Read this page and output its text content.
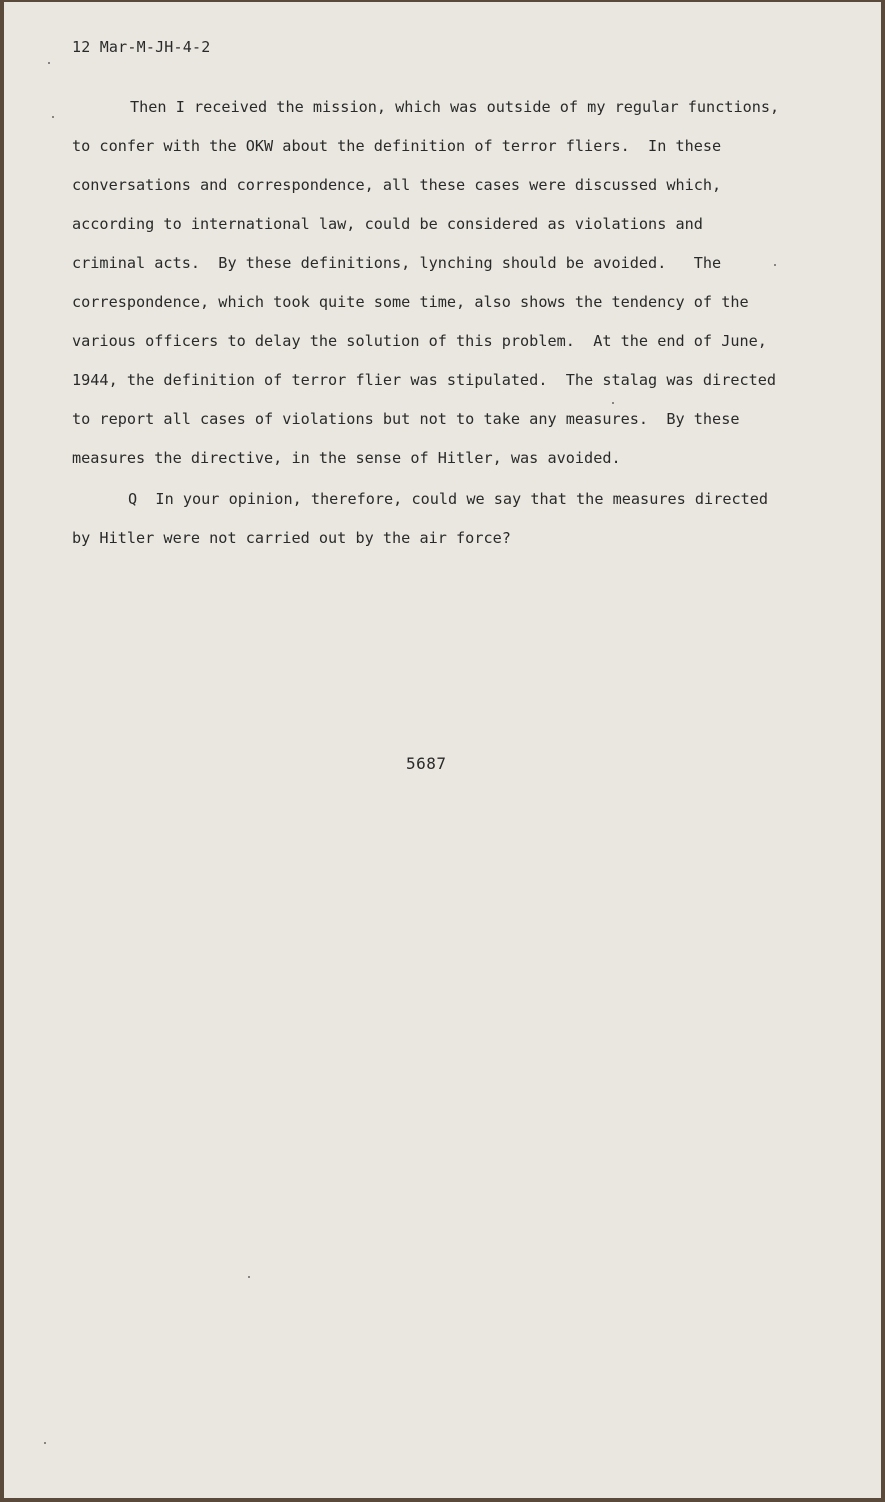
12 Mar-M-JH-4-2
Then I received the mission, which was outside of my regular functions,
to confer with the OKW about the definition of terror fliers.  In these
conversations and correspondence, all these cases were discussed which,
according to international law, could be considered as violations and
criminal acts.  By these definitions, lynching should be avoided.   The
correspondence, which took quite some time, also shows the tendency of the
various officers to delay the solution of this problem.  At the end of June,
1944, the definition of terror flier was stipulated.  The stalag was directed
to report all cases of violations but not to take any measures.  By these
measures the directive, in the sense of Hitler, was avoided.
Q  In your opinion, therefore, could we say that the measures directed
by Hitler were not carried out by the air force?
5687
